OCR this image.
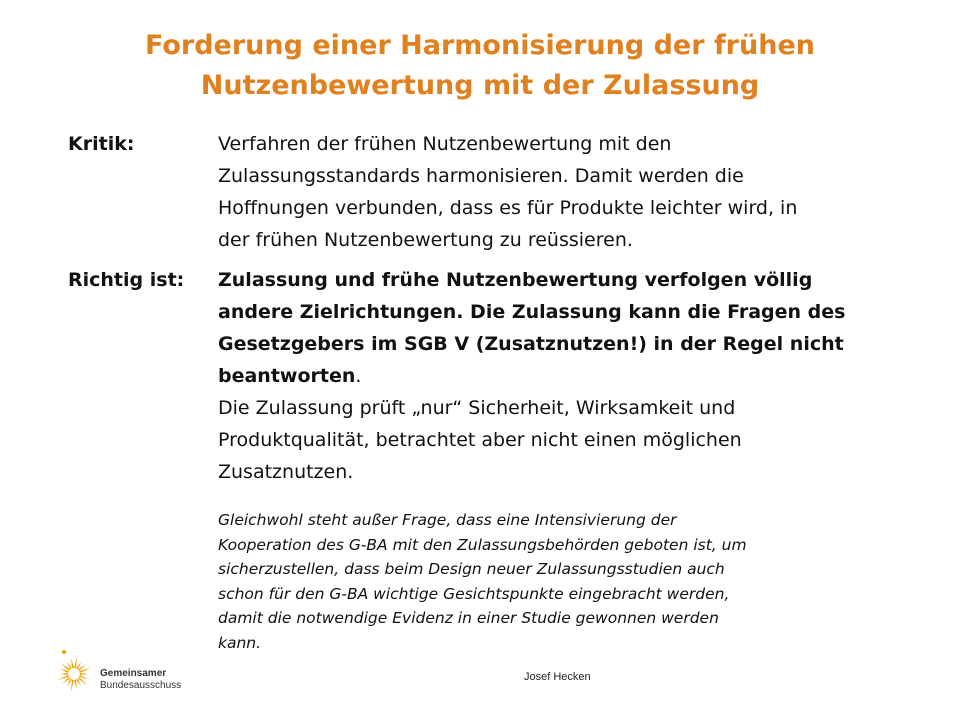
Forderung einer Harmonisierung der frühen
Nutzenbewertung mit der Zulassung
Kritik:	Verfahren der frühen Nutzenbewertung mit den
Zulassungsstandards harmonisieren. Damit werden die
Hoffnungen verbunden, dass es für Produkte leichter wird, in
der frühen Nutzenbewertung zu reüssieren.
Richtig ist: Zulassung und frühe Nutzenbewertung verfolgen völlig
andere Zielrichtungen. Die Zulassung kann die Fragen des
Gesetzgebers im SGB V (Zusatznutzen!) in der Regel nicht
beantworten.
Die Zulassung prüft „nur“ Sicherheit, Wirksamkeit und
Produktqualität, betrachtet aber nicht einen möglichen
Zusatznutzen.
Gleichwohl steht außer Frage, dass eine Intensivierung der
Kooperation des G-BA mit den Zulassungsbehörden geboten ist, um
sicherzustellen, dass beim Design neuer Zulassungsstudien auch
schon für den G-BA wichtige Gesichtspunkte eingebracht werden,
damit die notwendige Evidenz in einer Studie gewonnen werden
kann.
Gemeinsamer
Bundesausschuss
Josef Hecken
